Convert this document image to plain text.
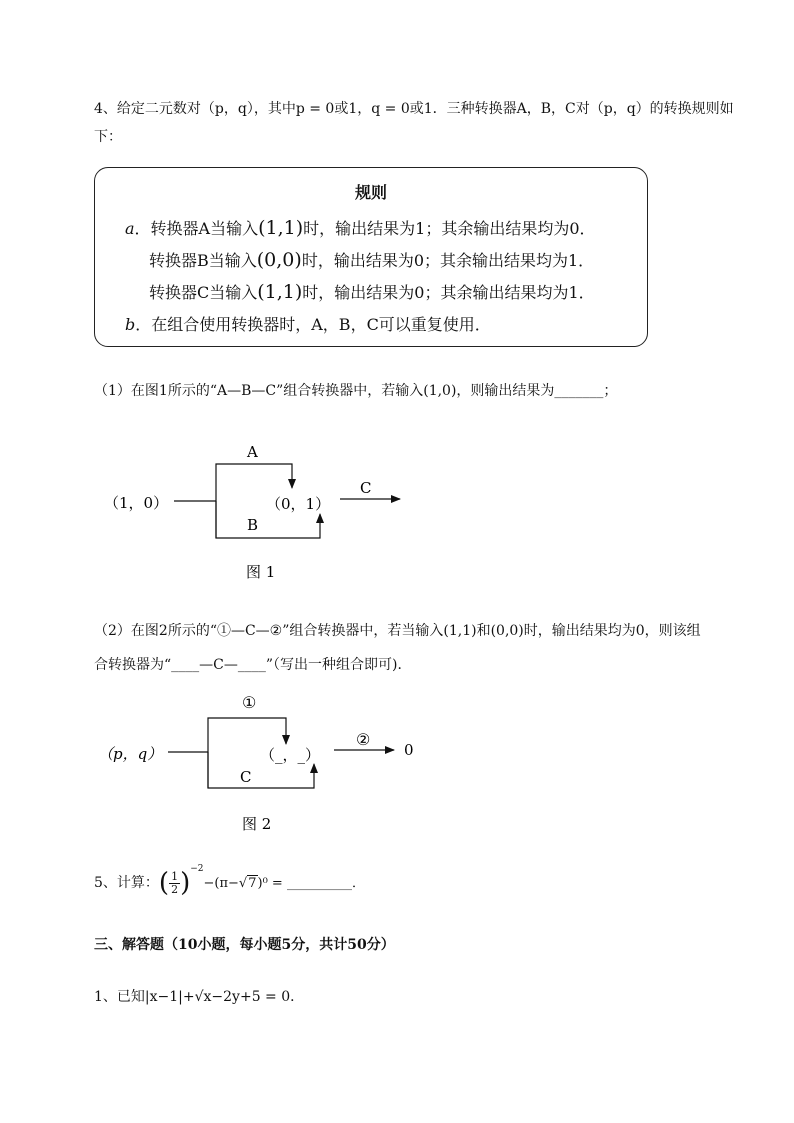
4、给定二元数对（p，q），其中p = 0或1，q = 0或1．三种转换器A，B，C对（p，q）的转换规则如
下：
规则
a．转换器A当输入(1,1)时，输出结果为1；其余输出结果均为0．
转换器B当输入(0,0)时，输出结果为0；其余输出结果均为1．
转换器C当输入(1,1)时，输出结果为0；其余输出结果均为1．
b．在组合使用转换器时，A，B，C可以重复使用．
（1）在图1所示的“A—B—C”组合转换器中，若输入(1,0)，则输出结果为_______；
（1，0）
A
B
（0，1）
C
图 1
（2）在图2所示的“①—C—②”组合转换器中，若当输入(1,1)和(0,0)时，输出结果均为0，则该组
合转换器为“____—C—____”（写出一种组合即可)．
（p，q）
①
C
（_，_）
②
0
图 2
5、计算：( $\frac{1}{2} )^{-2}-(\pi-√7)^0$ = __________．
三、解答题（10小题，每小题5分，共计50分）
1、已知|x−1|+√x−2y+5 = 0．
